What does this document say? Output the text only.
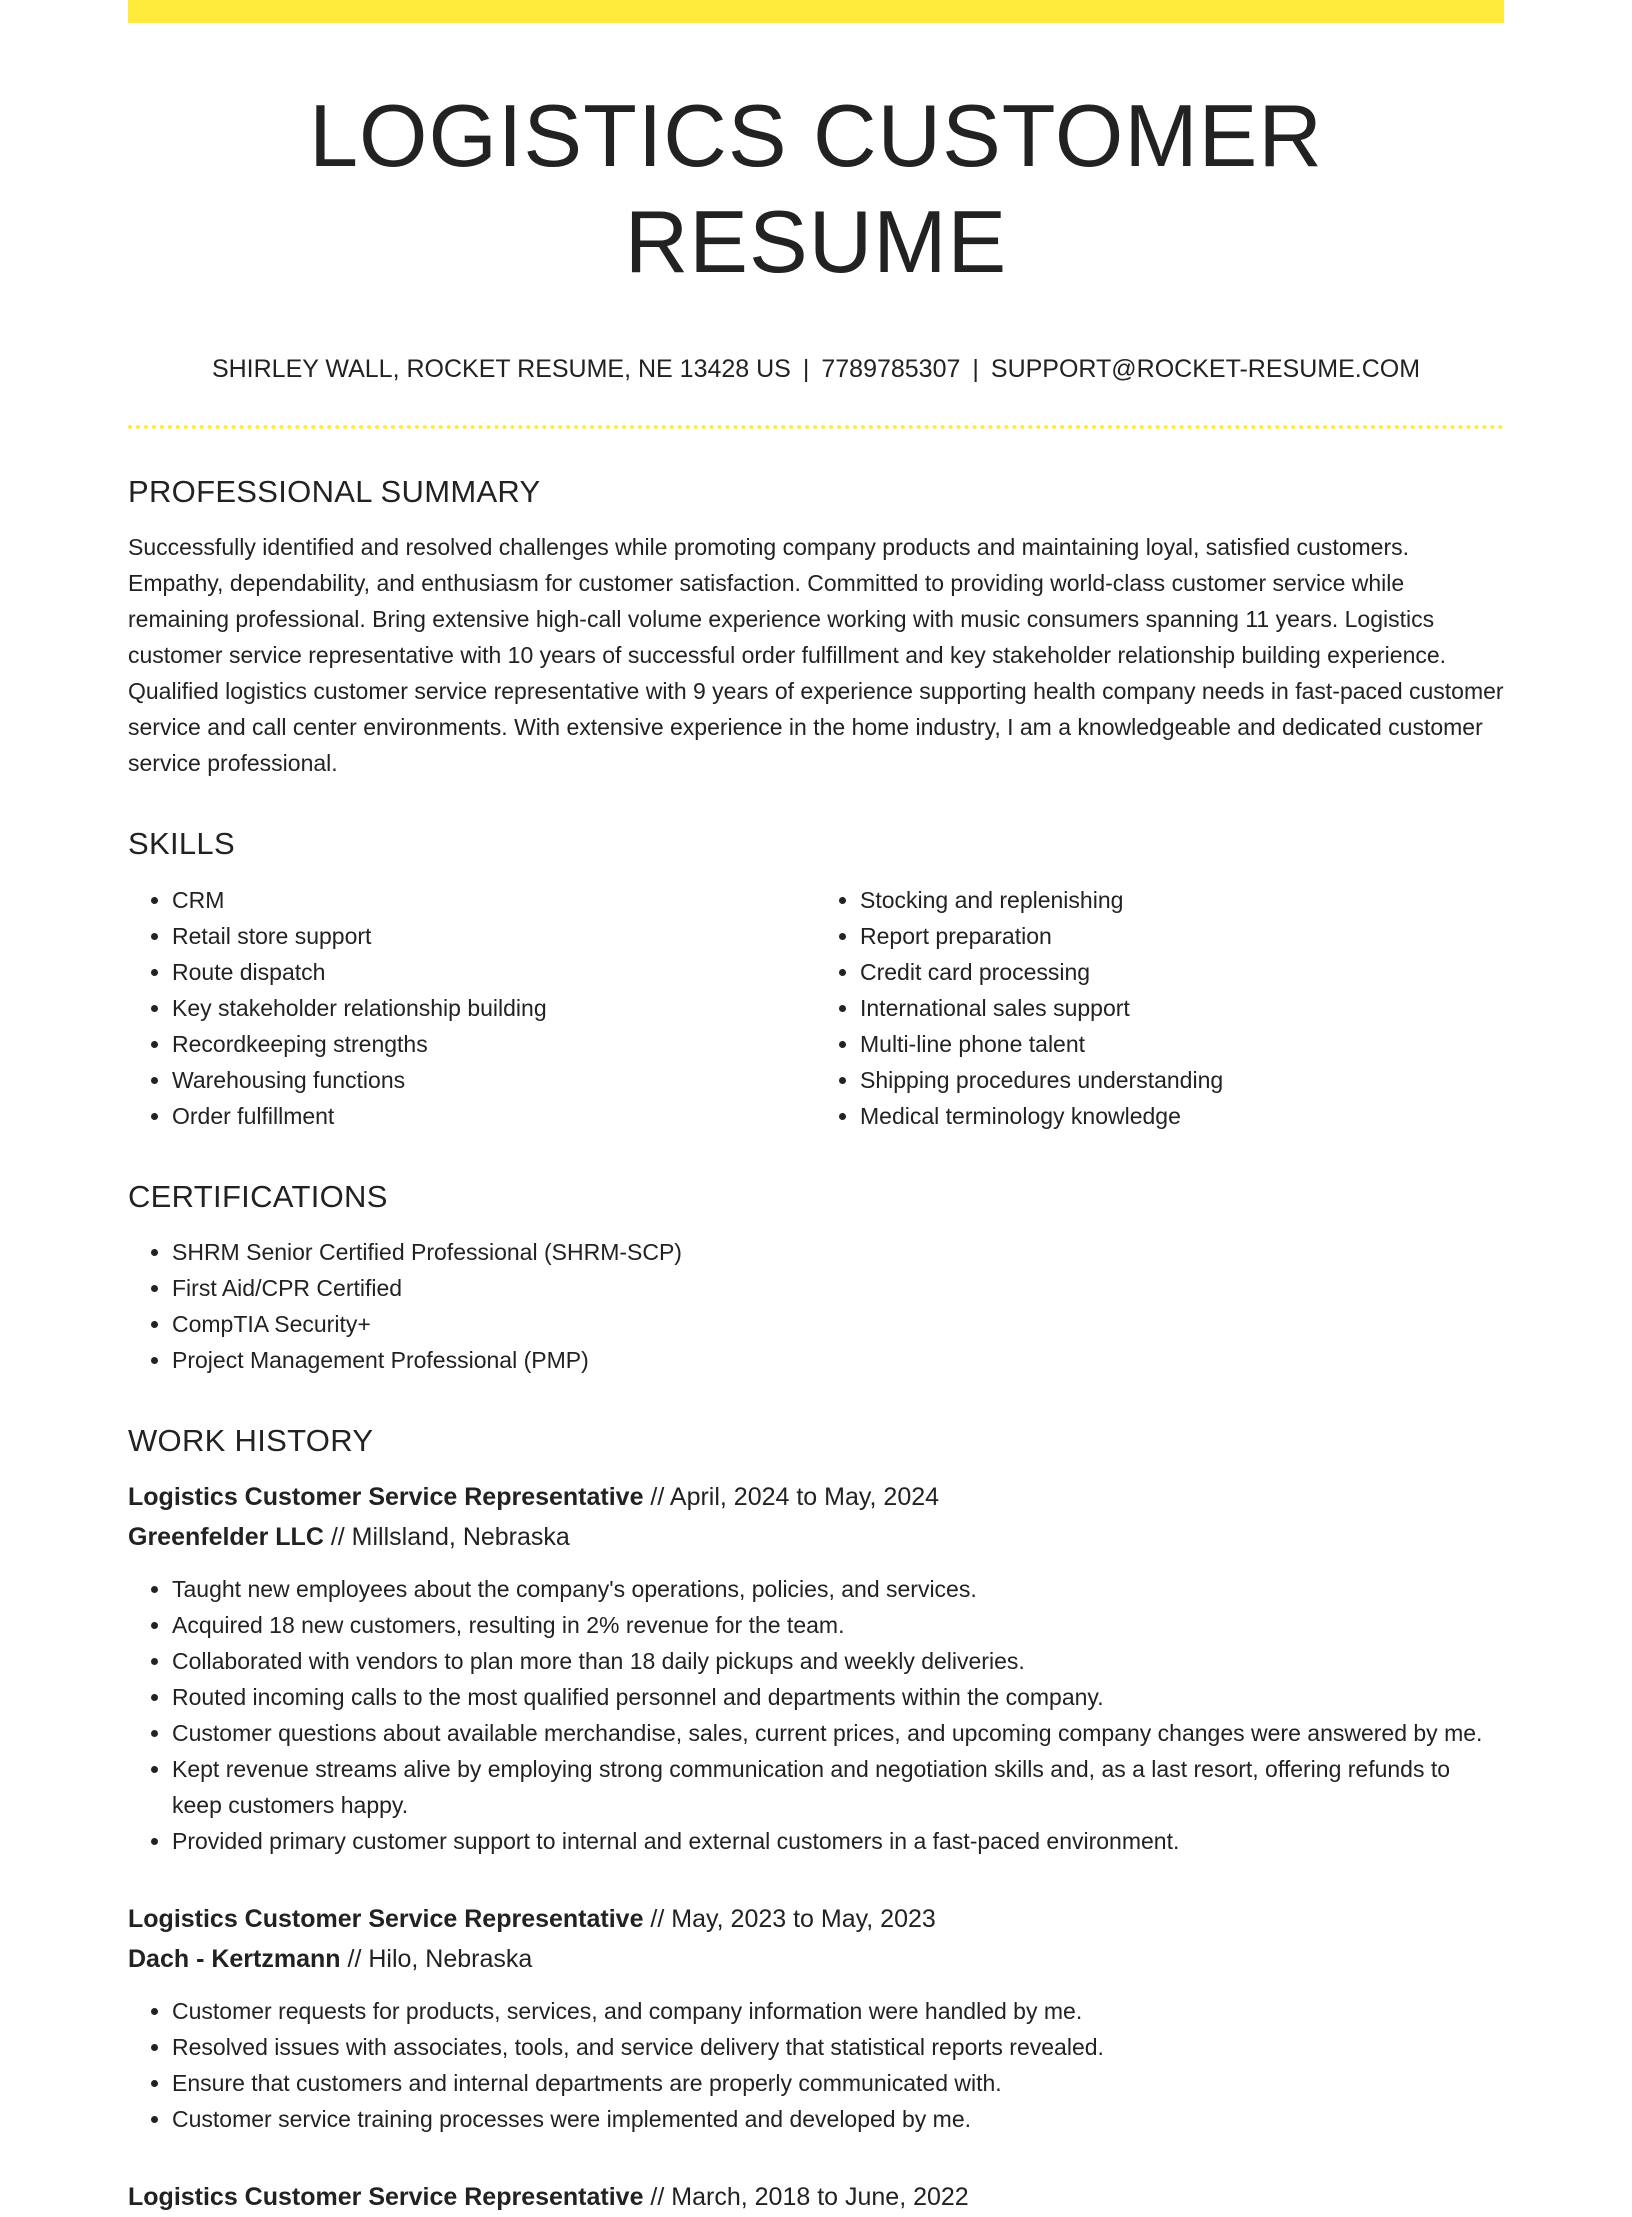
LOGISTICS CUSTOMER RESUME
SHIRLEY WALL, ROCKET RESUME, NE 13428 US | 7789785307 | SUPPORT@ROCKET-RESUME.COM
PROFESSIONAL SUMMARY

Successfully identified and resolved challenges while promoting company products and maintaining loyal, satisfied customers. Empathy, dependability, and enthusiasm for customer satisfaction. Committed to providing world-class customer service while remaining professional. Bring extensive high-call volume experience working with music consumers spanning 11 years. Logistics customer service representative with 10 years of successful order fulfillment and key stakeholder relationship building experience. Qualified logistics customer service representative with 9 years of experience supporting health company needs in fast-paced customer service and call center environments. With extensive experience in the home industry, I am a knowledgeable and dedicated customer service professional.

SKILLS
• CRM
• Retail store support
• Route dispatch
• Key stakeholder relationship building
• Recordkeeping strengths
• Warehousing functions
• Order fulfillment
• Stocking and replenishing
• Report preparation
• Credit card processing
• International sales support
• Multi-line phone talent
• Shipping procedures understanding
• Medical terminology knowledge
CERTIFICATIONS
• SHRM Senior Certified Professional (SHRM-SCP)
• First Aid/CPR Certified
• CompTIA Security+
• Project Management Professional (PMP)
WORK HISTORY
Logistics Customer Service Representative // April, 2024 to May, 2024
Greenfelder LLC // Millsland, Nebraska
• Taught new employees about the company's operations, policies, and services.
• Acquired 18 new customers, resulting in 2% revenue for the team.
• Collaborated with vendors to plan more than 18 daily pickups and weekly deliveries.
• Routed incoming calls to the most qualified personnel and departments within the company.
• Customer questions about available merchandise, sales, current prices, and upcoming company changes were answered by me.
• Kept revenue streams alive by employing strong communication and negotiation skills and, as a last resort, offering refunds to keep customers happy.
• Provided primary customer support to internal and external customers in a fast-paced environment.
Logistics Customer Service Representative // May, 2023 to May, 2023
Dach - Kertzmann // Hilo, Nebraska
• Customer requests for products, services, and company information were handled by me.
• Resolved issues with associates, tools, and service delivery that statistical reports revealed.
• Ensure that customers and internal departments are properly communicated with.
• Customer service training processes were implemented and developed by me.
Logistics Customer Service Representative // March, 2018 to June, 2022
